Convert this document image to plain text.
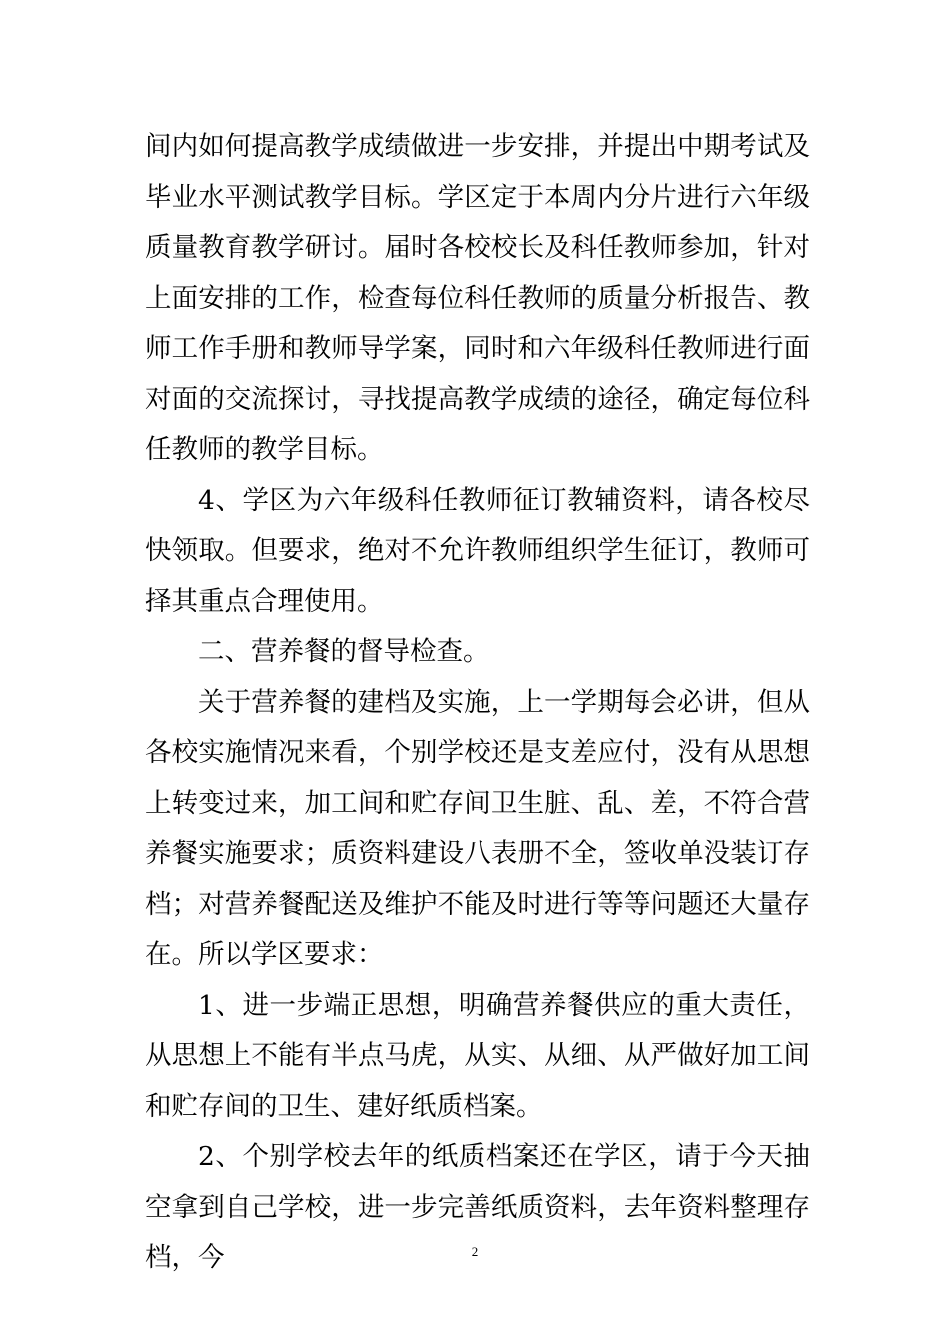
间内如何提高教学成绩做进一步安排，并提出中期考试及毕业水平测试教学目标。学区定于本周内分片进行六年级质量教育教学研讨。届时各校校长及科任教师参加，针对上面安排的工作，检查每位科任教师的质量分析报告、教师工作手册和教师导学案，同时和六年级科任教师进行面对面的交流探讨，寻找提高教学成绩的途径，确定每位科任教师的教学目标。

4、学区为六年级科任教师征订教辅资料，请各校尽快领取。但要求，绝对不允许教师组织学生征订，教师可择其重点合理使用。

二、营养餐的督导检查。

关于营养餐的建档及实施，上一学期每会必讲，但从各校实施情况来看，个别学校还是支差应付，没有从思想上转变过来，加工间和贮存间卫生脏、乱、差，不符合营养餐实施要求；质资料建设八表册不全，签收单没装订存档；对营养餐配送及维护不能及时进行等等问题还大量存在。所以学区要求：

1、进一步端正思想，明确营养餐供应的重大责任，从思想上不能有半点马虎，从实、从细、从严做好加工间和贮存间的卫生、建好纸质档案。

2、个别学校去年的纸质档案还在学区，请于今天抽空拿到自己学校，进一步完善纸质资料，去年资料整理存档，今	2
